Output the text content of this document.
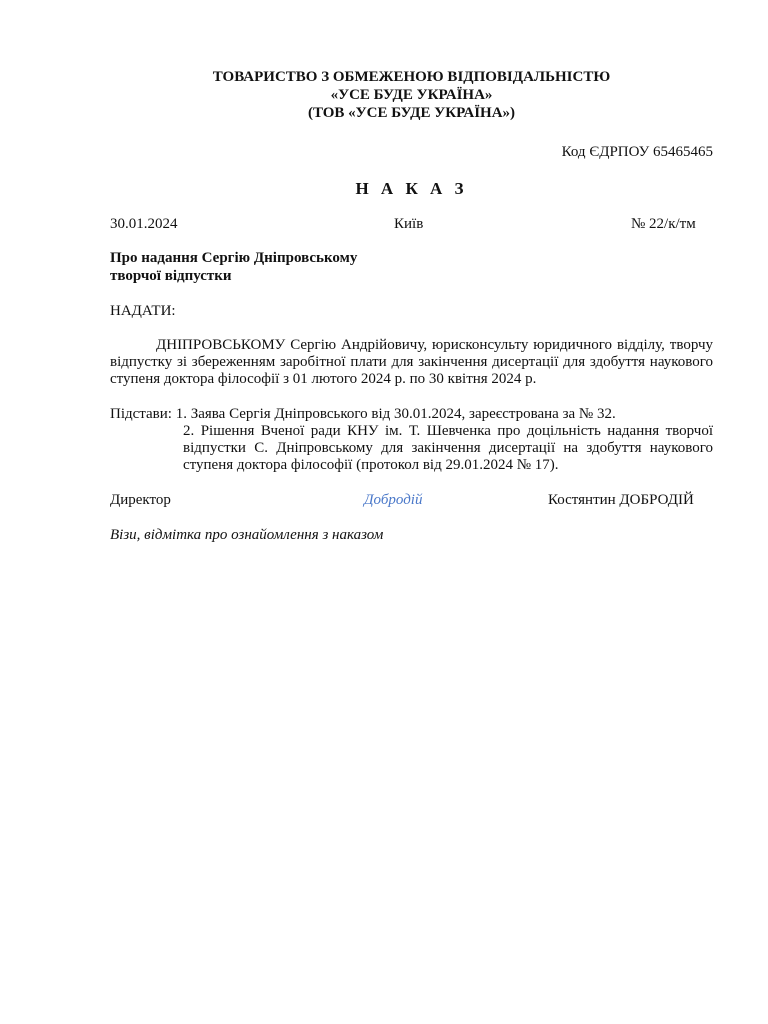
ТОВАРИСТВО З ОБМЕЖЕНОЮ ВІДПОВІДАЛЬНІСТЮ
«УСЕ БУДЕ УКРАЇНА»
(ТОВ «УСЕ БУДЕ УКРАЇНА»)
Код ЄДРПОУ 65465465
Н А К А З
30.01.2024	Київ	№ 22/к/тм
Про надання Сергію Дніпровському
творчої відпустки
НАДАТИ:
ДНІПРОВСЬКОМУ Сергію Андрійовичу, юрисконсульту юридичного відділу, творчу відпустку зі збереженням заробітної плати для закінчення дисертації для здобуття наукового ступеня доктора філософії з 01 лютого 2024 р. по 30 квітня 2024 р.
Підстави: 1. Заява Сергія Дніпровського від 30.01.2024, зареєстрована за № 32.
2. Рішення Вченої ради КНУ ім. Т. Шевченка про доцільність надання творчої відпустки С. Дніпровському для закінчення дисертації на здобуття наукового ступеня доктора філософії (протокол від 29.01.2024 № 17).
Директор	Добродій	Костянтин ДОБРОДІЙ
Візи, відмітка про ознайомлення з наказом
